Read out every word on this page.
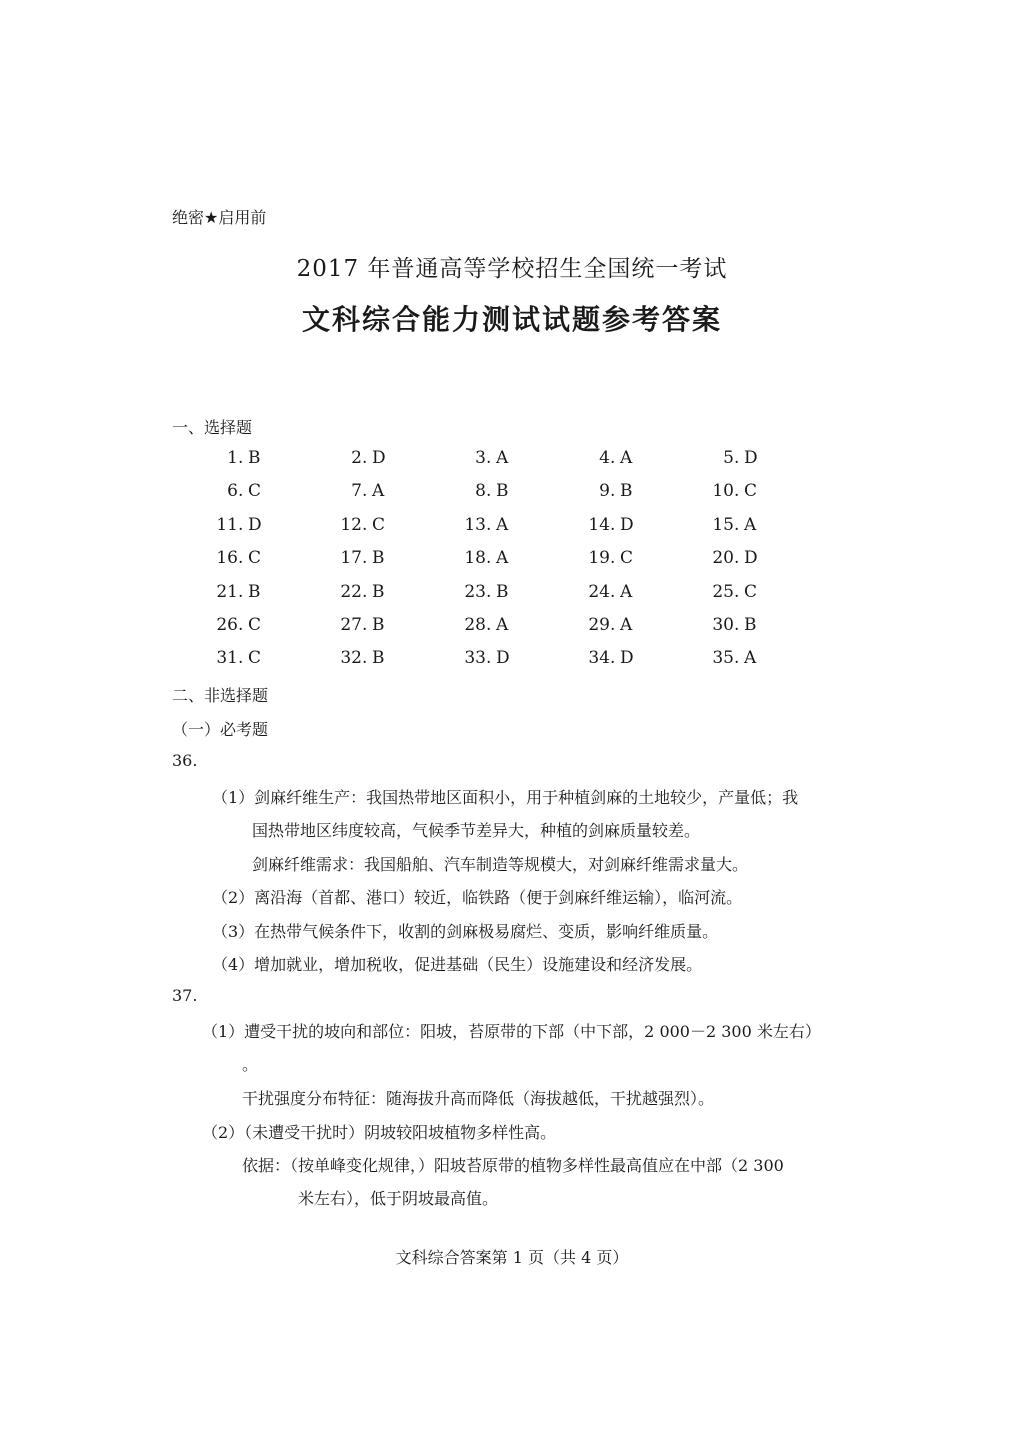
绝密★启用前
2017 年普通高等学校招生全国统一考试
文科综合能力测试试题参考答案
一、选择题
1 . B	2 . D	3 . A	4 . A	5 . D
6 . C	7 . A	8 . B	9 . B	10 . C
11 . D	12 . C	13 . A	14 . D	15 . A
16 . C	17 . B	18 . A	19 . C	20 . D
21 . B	22 . B	23 . B	24 . A	25 . C
26 . C	27 . B	28 . A	29 . A	30 . B
31 . C	32 . B	33 . D	34 . D	35 . A
二、非选择题
（一）必考题
36.
（1）剑麻纤维生产：我国热带地区面积小，用于种植剑麻的土地较少，产量低；我
国热带地区纬度较高，气候季节差异大，种植的剑麻质量较差。
剑麻纤维需求：我国船舶、汽车制造等规模大，对剑麻纤维需求量大。
（2）离沿海（首都、港口）较近，临铁路（便于剑麻纤维运输），临河流。
（3）在热带气候条件下，收割的剑麻极易腐烂、变质，影响纤维质量。
（4）增加就业，增加税收，促进基础（民生）设施建设和经济发展。
37.
（1）遭受干扰的坡向和部位：阳坡，苔原带的下部（中下部，2 000－2 300 米左右）
。
干扰强度分布特征：随海拔升高而降低（海拔越低，干扰越强烈）。
（2）（未遭受干扰时）阴坡较阳坡植物多样性高。
依据：（按单峰变化规律，）阳坡苔原带的植物多样性最高值应在中部（2 300
米左右），低于阴坡最高值。
文科综合答案第 1 页（共 4 页）
